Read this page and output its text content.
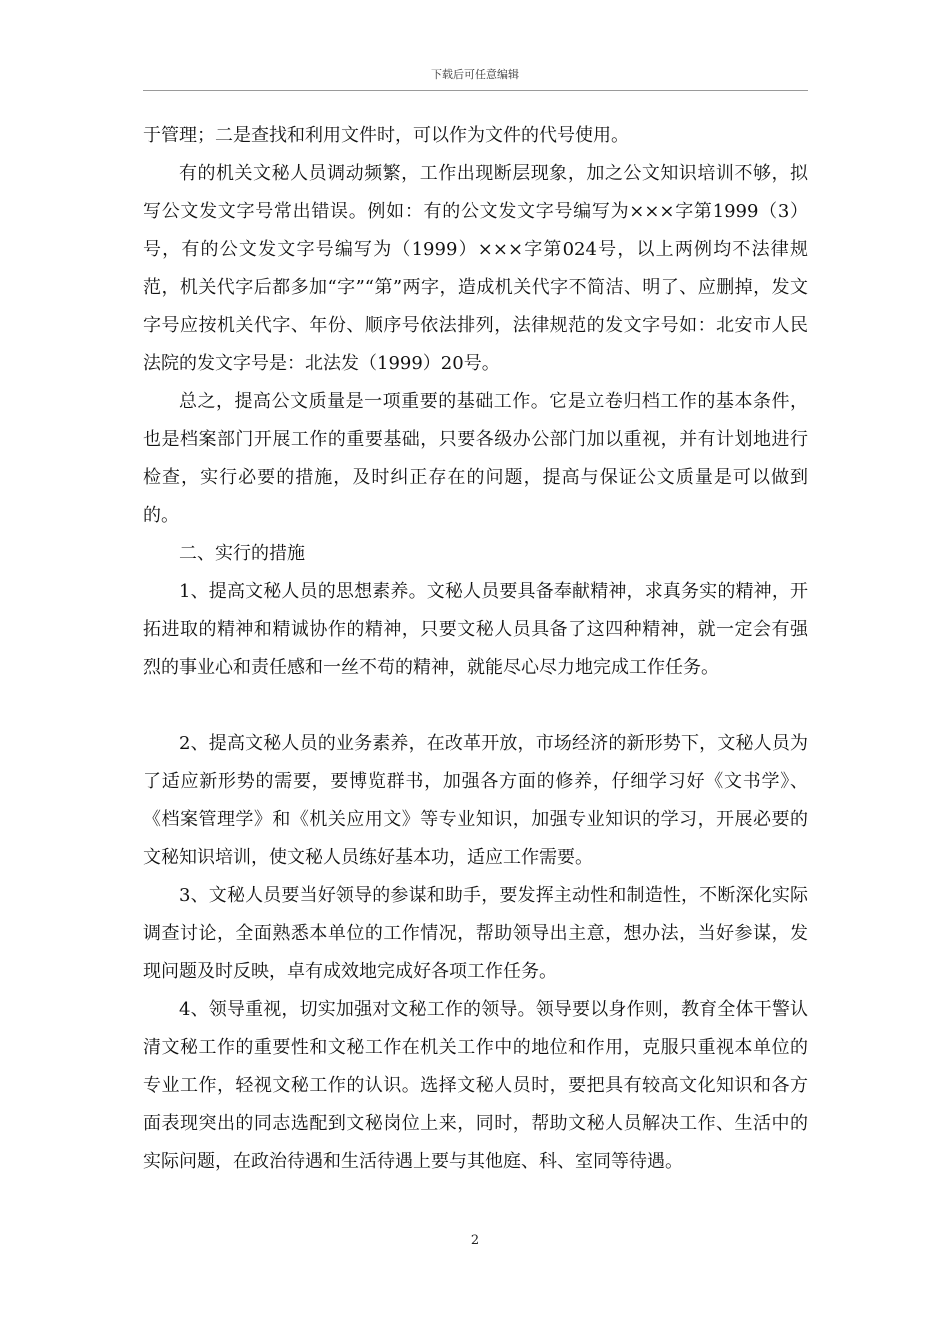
下载后可任意编辑

于管理；二是查找和利用文件时，可以作为文件的代号使用。

有的机关文秘人员调动频繁，工作出现断层现象，加之公文知识培训不够，拟写公文发文字号常出错误。例如：有的公文发文字号编写为×××字第1999（3）号，有的公文发文字号编写为（1999）×××字第024号，以上两例均不法律规范，机关代字后都多加“字”“第”两字，造成机关代字不简洁、明了、应删掉，发文字号应按机关代字、年份、顺序号依法排列，法律规范的发文字号如：北安市人民法院的发文字号是：北法发（1999）20号。

总之，提高公文质量是一项重要的基础工作。它是立卷归档工作的基本条件，也是档案部门开展工作的重要基础，只要各级办公部门加以重视，并有计划地进行检查，实行必要的措施，及时纠正存在的问题，提高与保证公文质量是可以做到的。

二、实行的措施

1、提高文秘人员的思想素养。文秘人员要具备奉献精神，求真务实的精神，开拓进取的精神和精诚协作的精神，只要文秘人员具备了这四种精神，就一定会有强烈的事业心和责任感和一丝不苟的精神，就能尽心尽力地完成工作任务。

2、提高文秘人员的业务素养，在改革开放，市场经济的新形势下，文秘人员为了适应新形势的需要，要博览群书，加强各方面的修养，仔细学习好《文书学》、《档案管理学》和《机关应用文》等专业知识，加强专业知识的学习，开展必要的文秘知识培训，使文秘人员练好基本功，适应工作需要。

3、文秘人员要当好领导的参谋和助手，要发挥主动性和制造性，不断深化实际调查讨论，全面熟悉本单位的工作情况，帮助领导出主意，想办法，当好参谋，发现问题及时反映，卓有成效地完成好各项工作任务。

4、领导重视，切实加强对文秘工作的领导。领导要以身作则，教育全体干警认清文秘工作的重要性和文秘工作在机关工作中的地位和作用，克服只重视本单位的专业工作，轻视文秘工作的认识。选择文秘人员时，要把具有较高文化知识和各方面表现突出的同志选配到文秘岗位上来，同时，帮助文秘人员解决工作、生活中的实际问题，在政治待遇和生活待遇上要与其他庭、科、室同等待遇。

2
